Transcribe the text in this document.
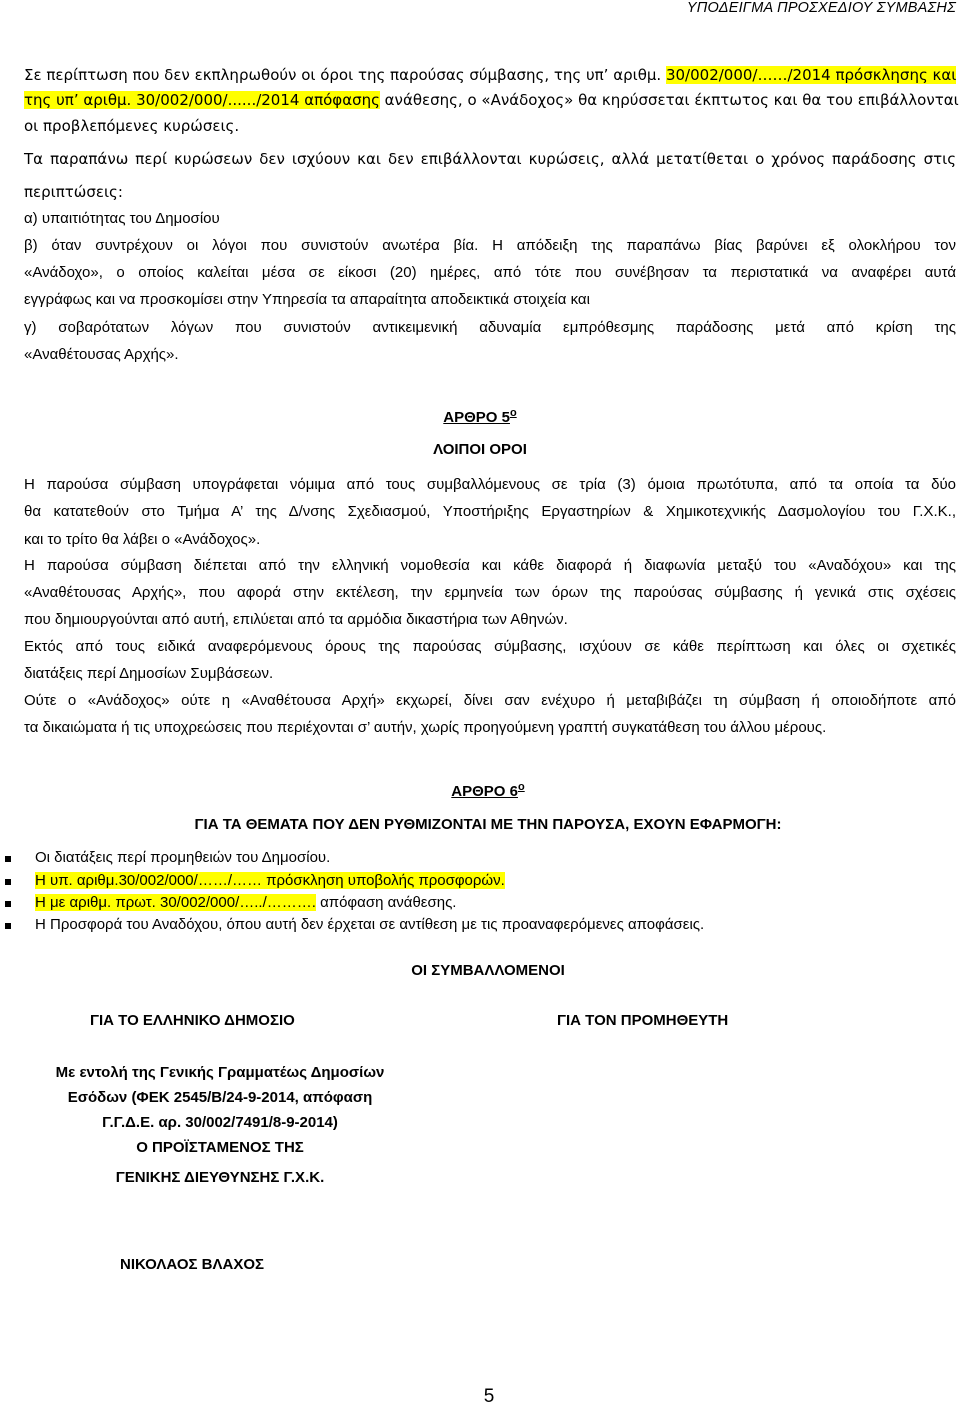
ΥΠΟΔΕΙΓΜΑ ΠΡΟΣΧΕΔΙΟΥ ΣΥΜΒΑΣΗΣ
Σε περίπτωση που δεν εκπληρωθούν οι όροι της παρούσας σύμβασης, της υπ’ αριθμ. 30/002/000/……/2014 πρόσκλησης και
της υπ’ αριθμ. 30/002/000/....../2014 απόφασης ανάθεσης, ο «Ανάδοχος» θα κηρύσσεται έκπτωτος και θα του επιβάλλονται
οι προβλεπόμενες κυρώσεις.
Τα παραπάνω περί κυρώσεων δεν ισχύουν και δεν επιβάλλονται κυρώσεις, αλλά μετατίθεται ο χρόνος παράδοσης στις
περιπτώσεις:
α) υπαιτιότητας του Δημοσίου
β) όταν συντρέχουν οι λόγοι που συνιστούν ανωτέρα βία. Η απόδειξη της παραπάνω βίας βαρύνει εξ ολοκλήρου τον
«Ανάδοχο», ο οποίος καλείται μέσα σε είκοσι (20) ημέρες, από τότε που συνέβησαν τα περιστατικά να αναφέρει αυτά
εγγράφως και να προσκομίσει στην Υπηρεσία τα απαραίτητα αποδεικτικά στοιχεία και
γ) σοβαρότατων λόγων που συνιστούν αντικειμενική αδυναμία εμπρόθεσμης παράδοσης μετά από κρίση της
«Αναθέτουσας Αρχής».
ΑΡΘΡΟ $5^o$
ΛΟΙΠΟΙ ΟΡΟΙ
Η παρούσα σύμβαση υπογράφεται νόμιμα από τους συμβαλλόμενους σε τρία (3) όμοια πρωτότυπα, από τα οποία τα δύο
θα κατατεθούν στο Τμήμα Α’ της Δ/νσης Σχεδιασμού, Υποστήριξης Εργαστηρίων & Χημικοτεχνικής Δασμολογίου του Γ.Χ.Κ.,
και το τρίτο θα λάβει ο «Ανάδοχος».
Η παρούσα σύμβαση διέπεται από την ελληνική νομοθεσία και κάθε διαφορά ή διαφωνία μεταξύ του «Αναδόχου» και της
«Αναθέτουσας Αρχής», που αφορά στην εκτέλεση, την ερμηνεία των όρων της παρούσας σύμβασης ή γενικά στις σχέσεις
που δημιουργούνται από αυτή, επιλύεται από τα αρμόδια δικαστήρια των Αθηνών.
Εκτός από τους ειδικά αναφερόμενους όρους της παρούσας σύμβασης, ισχύουν σε κάθε περίπτωση και όλες οι σχετικές
διατάξεις περί Δημοσίων Συμβάσεων.
Ούτε ο «Ανάδοχος» ούτε η «Αναθέτουσα Αρχή» εκχωρεί, δίνει σαν ενέχυρο ή μεταβιβάζει τη σύμβαση ή οποιοδήποτε από
τα δικαιώματα ή τις υποχρεώσεις που περιέχονται σ’ αυτήν, χωρίς προηγούμενη γραπτή συγκατάθεση του άλλου μέρους.
ΑΡΘΡΟ $6^o$
ΓΙΑ ΤΑ ΘΕΜΑΤΑ ΠΟΥ ΔΕΝ ΡΥΘΜΙΖΟΝΤΑΙ ΜΕ ΤΗΝ ΠΑΡΟΥΣΑ, ΕΧΟΥΝ ΕΦΑΡΜΟΓΗ:
Οι διατάξεις περί προμηθειών του Δημοσίου.
Η υπ. αριθμ.30/002/000/……/…… πρόσκληση υποβολής προσφορών.
Η με αριθμ. πρωτ. 30/002/000/…../………. απόφαση ανάθεσης.
Η Προσφορά του Αναδόχου, όπου αυτή δεν έρχεται σε αντίθεση με τις προαναφερόμενες αποφάσεις.
ΟΙ ΣΥΜΒΑΛΛΟΜΕΝΟΙ
ΓΙΑ ΤΟ ΕΛΛΗΝΙΚΟ ΔΗΜΟΣΙΟ	ΓΙΑ ΤΟΝ ΠΡΟΜΗΘΕΥΤΗ
Με εντολή της Γενικής Γραμματέως Δημοσίων
Εσόδων (ΦΕΚ 2545/Β/24-9-2014, απόφαση
Γ.Γ.Δ.Ε. αρ. 30/002/7491/8-9-2014)
Ο ΠΡΟΪΣΤΑΜΕΝΟΣ ΤΗΣ
ΓΕΝΙΚΗΣ ΔΙΕΥΘΥΝΣΗΣ Γ.Χ.Κ.
ΝΙΚΟΛΑΟΣ ΒΛΑΧΟΣ
5
